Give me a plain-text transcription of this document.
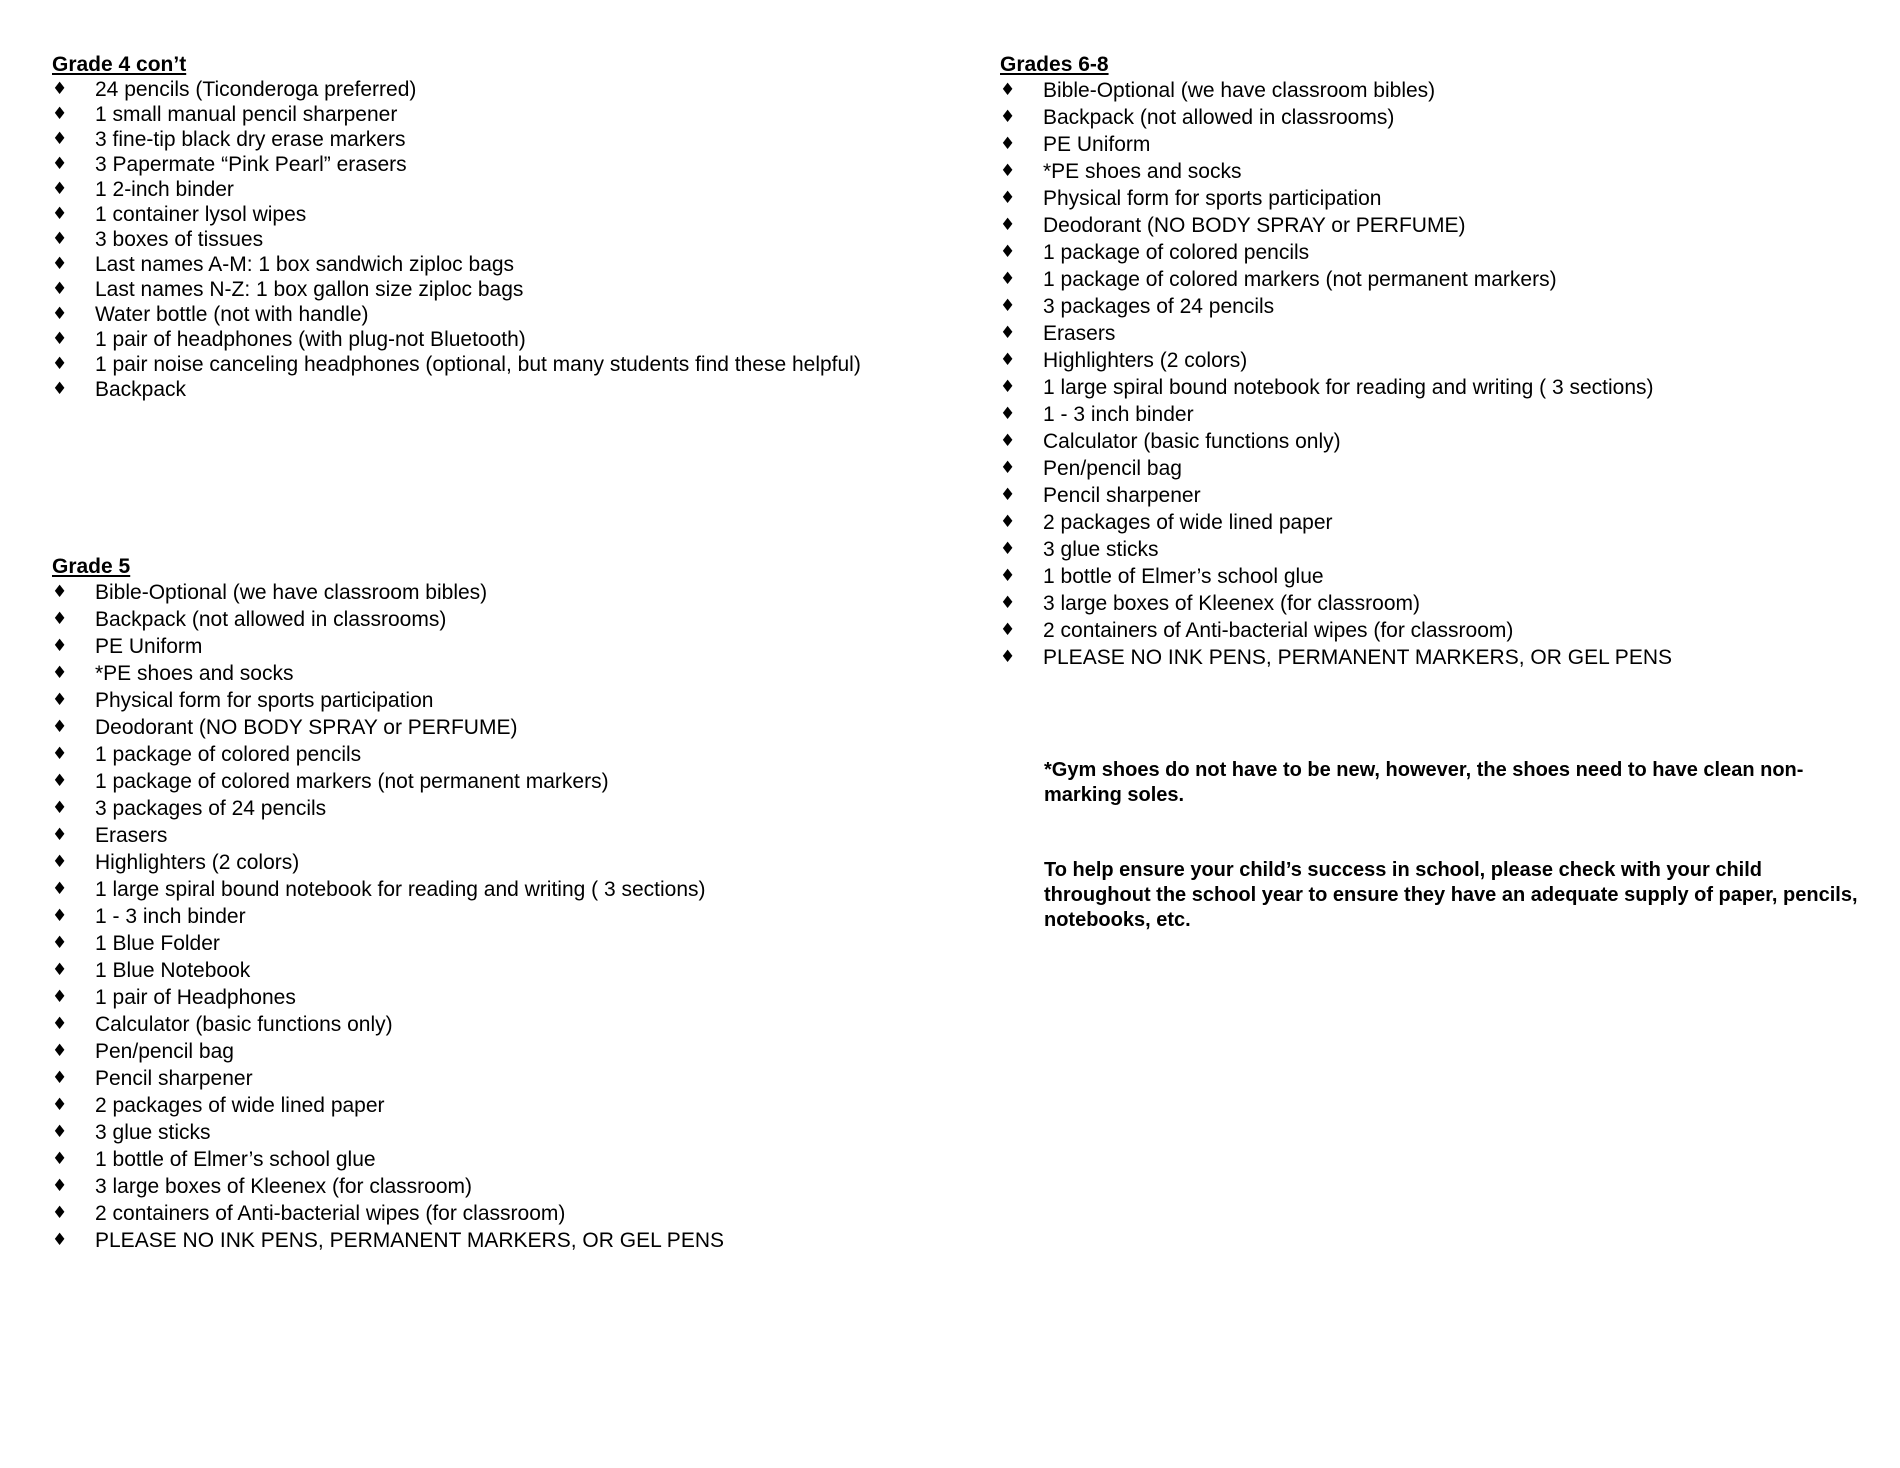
Grade 4 con’t
♦ 24 pencils (Ticonderoga preferred)
♦ 1 small manual pencil sharpener
♦ 3 fine-tip black dry erase markers
♦ 3 Papermate “Pink Pearl” erasers
♦ 1 2-inch binder
♦ 1 container lysol wipes
♦ 3 boxes of tissues
♦ Last names A-M: 1 box sandwich ziploc bags
♦ Last names N-Z: 1 box gallon size ziploc bags
♦ Water bottle (not with handle)
♦ 1 pair of headphones (with plug-not Bluetooth)
♦ 1 pair noise canceling headphones (optional, but many students find these helpful)
♦ Backpack
Grade 5
♦ Bible-Optional (we have classroom bibles)
♦ Backpack (not allowed in classrooms)
♦ PE Uniform
♦ *PE shoes and socks
♦ Physical form for sports participation
♦ Deodorant (NO BODY SPRAY or PERFUME)
♦ 1 package of colored pencils
♦ 1 package of colored markers (not permanent markers)
♦ 3 packages of 24 pencils
♦ Erasers
♦ Highlighters (2 colors)
♦ 1 large spiral bound notebook for reading and writing ( 3 sections)
♦ 1 - 3 inch binder
♦ 1 Blue Folder
♦ 1 Blue Notebook
♦ 1 pair of Headphones
♦ Calculator (basic functions only)
♦ Pen/pencil bag
♦ Pencil sharpener
♦ 2 packages of wide lined paper
♦ 3 glue sticks
♦ 1 bottle of Elmer’s school glue
♦ 3 large boxes of Kleenex (for classroom)
♦ 2 containers of Anti-bacterial wipes (for classroom)
♦ PLEASE NO INK PENS, PERMANENT MARKERS, OR GEL PENS
Grades 6-8
♦ Bible-Optional (we have classroom bibles)
♦ Backpack (not allowed in classrooms)
♦ PE Uniform
♦ *PE shoes and socks
♦ Physical form for sports participation
♦ Deodorant (NO BODY SPRAY or PERFUME)
♦ 1 package of colored pencils
♦ 1 package of colored markers (not permanent markers)
♦ 3 packages of 24 pencils
♦ Erasers
♦ Highlighters (2 colors)
♦ 1 large spiral bound notebook for reading and writing ( 3 sections)
♦ 1 - 3 inch binder
♦ Calculator (basic functions only)
♦ Pen/pencil bag
♦ Pencil sharpener
♦ 2 packages of wide lined paper
♦ 3 glue sticks
♦ 1 bottle of Elmer’s school glue
♦ 3 large boxes of Kleenex (for classroom)
♦ 2 containers of Anti-bacterial wipes (for classroom)
♦ PLEASE NO INK PENS, PERMANENT MARKERS, OR GEL PENS
*Gym shoes do not have to be new, however, the shoes need to have clean non-marking soles.
To help ensure your child’s success in school, please check with your child throughout the school year to ensure they have an adequate supply of paper, pencils, notebooks, etc.
